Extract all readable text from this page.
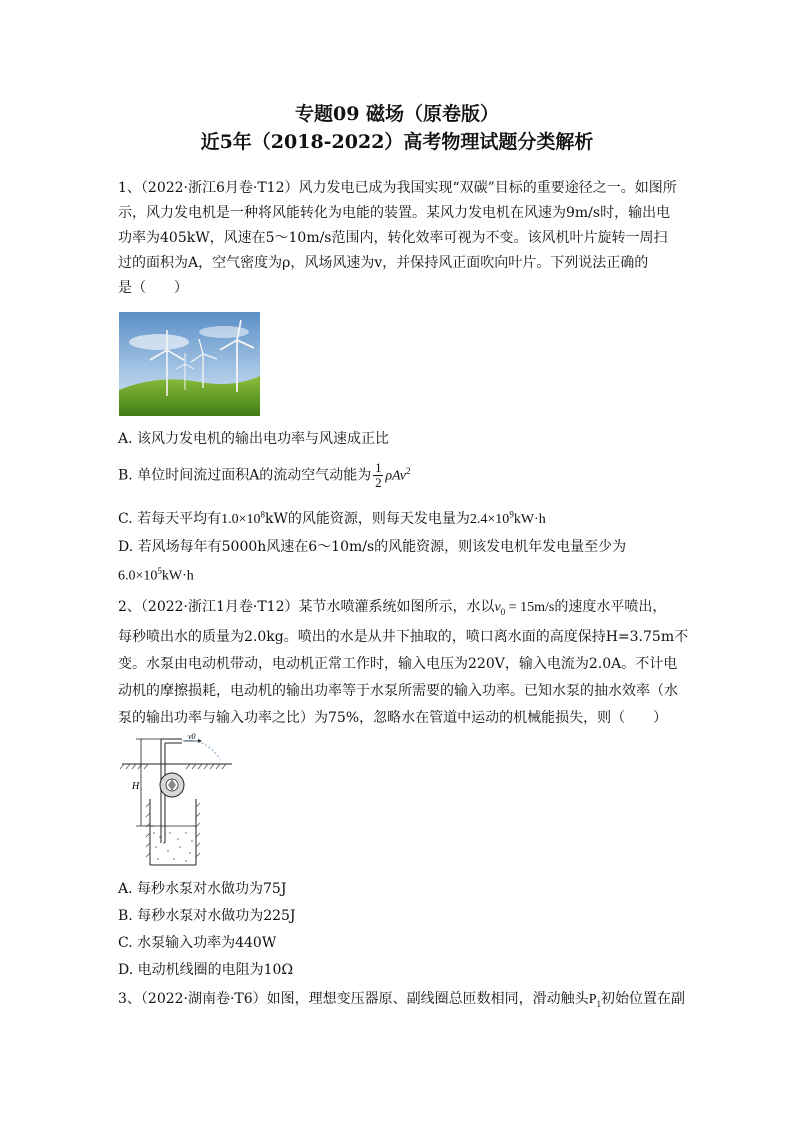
专题09 磁场（原卷版）
近5年（2018-2022）高考物理试题分类解析
1、（2022·浙江6月卷·T12）风力发电已成为我国实现“双碳”目标的重要途径之一。如图所
示，风力发电机是一种将风能转化为电能的装置。某风力发电机在风速为9m/s时，输出电
功率为405kW，风速在5～10m/s范围内，转化效率可视为不变。该风机叶片旋转一周扫
过的面积为A，空气密度为ρ，风场风速为v，并保持风正面吹向叶片。下列说法正确的
是（　　）
A. 该风力发电机的输出电功率与风速成正比
B. 单位时间流过面积A的流动空气动能为 $\frac{1}{2} \rho Av^2$
C. 若每天平均有$1.0\times 10^8kW$的风能资源，则每天发电量为$2.4\times 10^9kW\cdot h$
D. 若风场每年有5000h风速在6～10m/s的风能资源，则该发电机年发电量至少为
$6.0\times 10^5kW\cdot h$
2、（2022·浙江1月卷·T12）某节水喷灌系统如图所示，水以$v_0 = 15m/s$的速度水平喷出，
每秒喷出水的质量为2.0kg。喷出的水是从井下抽取的，喷口离水面的高度保持H=3.75m不
变。水泵由电动机带动，电动机正常工作时，输入电压为220V，输入电流为2.0A。不计电
动机的摩擦损耗，电动机的输出功率等于水泵所需要的输入功率。已知水泵的抽水效率（水
泵的输出功率与输入功率之比）为75%，忽略水在管道中运动的机械能损失，则（　　）
H
v0
A. 每秒水泵对水做功为75J
B. 每秒水泵对水做功为225J
C. 水泵输入功率为440W
D. 电动机线圈的电阻为10Ω
3、（2022·湖南卷·T6）如图，理想变压器原、副线圈总匝数相同，滑动触头$P_1$初始位置在副
